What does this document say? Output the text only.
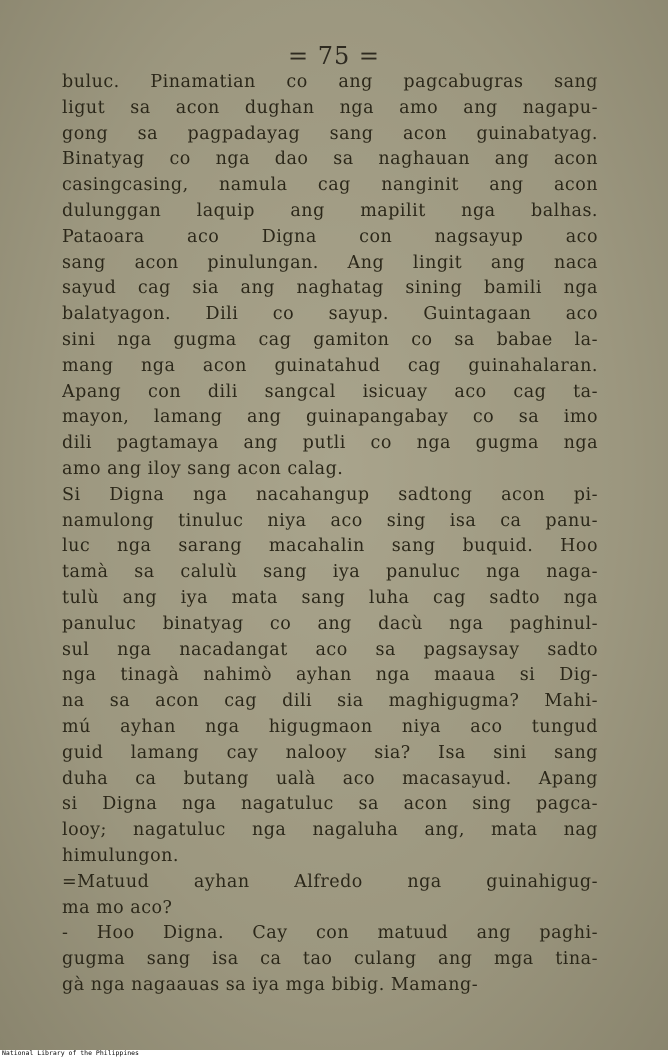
= 75 =
buluc. Pinamatian co ang pagcabugras sang
ligut sa acon dughan nga amo ang nagapu-
gong sa pagpadayag sang acon guinabatyag.
Binatyag co nga dao sa naghauan ang acon
casingcasing, namula cag nanginit ang acon
dulunggan laquip ang mapilit nga balhas.
Pataoara aco Digna con nagsayup aco
sang acon pinulungan. Ang lingit ang naca
sayud cag sia ang naghatag sining bamili nga
balatyagon. Dili co sayup. Guintagaan aco
sini nga gugma cag gamiton co sa babae la-
mang nga acon guinatahud cag guinahalaran.
Apang con dili sangcal isicuay aco cag ta-
mayon, lamang ang guinapangabay co sa imo
dili pagtamaya ang putli co nga gugma nga
amo ang iloy sang acon calag.
Si Digna nga nacahangup sadtong acon pi-
namulong tinuluc niya aco sing isa ca panu-
luc nga sarang macahalin sang buquid. Hoo
tamà sa calulù sang iya panuluc nga naga-
tulù ang iya mata sang luha cag sadto nga
panuluc binatyag co ang dacù nga paghinul-
sul nga nacadangat aco sa pagsaysay sadto
nga tinagà nahimò ayhan nga maaua si Dig-
na sa acon cag dili sia maghigugma? Mahi-
mú ayhan nga higugmaon niya aco tungud
guid lamang cay nalooy sia? Isa sini sang
duha ca butang ualà aco macasayud. Apang
si Digna nga nagatuluc sa acon sing pagca-
looy; nagatuluc nga nagaluha ang, mata nag
himulungon.
=Matuud ayhan Alfredo nga guinahigug-
ma mo aco?
- Hoo Digna. Cay con matuud ang paghi-
gugma sang isa ca tao culang ang mga tina-
gà nga nagaauas sa iya mga bibig. Mamang-
National Library of the Philippines
